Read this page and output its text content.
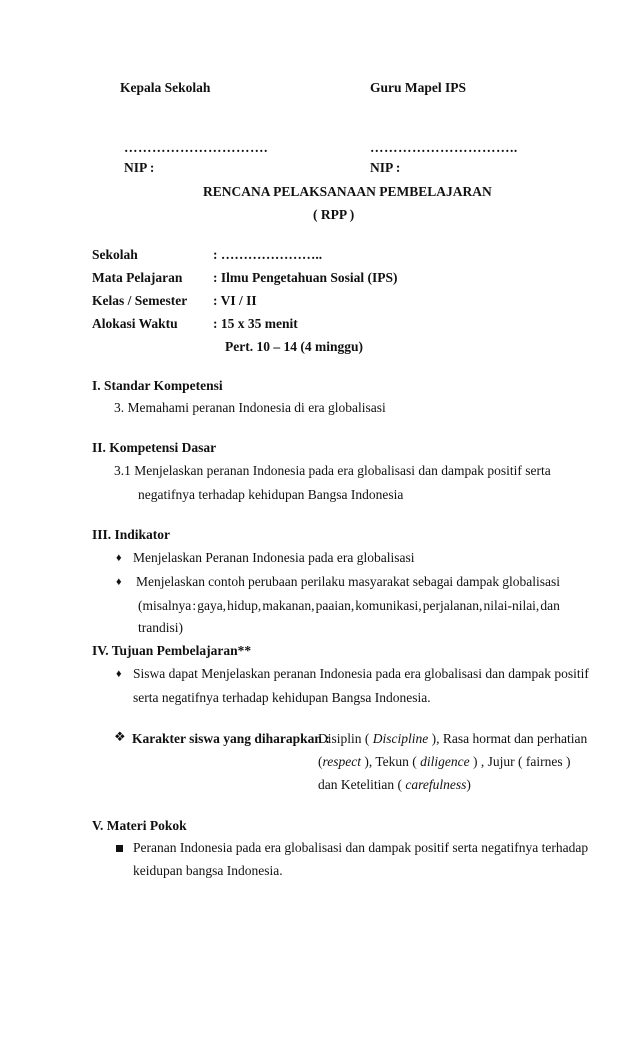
Kepala Sekolah	Guru Mapel IPS
………………………….	…………………………..
NIP :	NIP :
RENCANA PELAKSANAAN PEMBELAJARAN
( RPP )
Sekolah	: …………………..
Mata Pelajaran : Ilmu Pengetahuan Sosial (IPS)
Kelas / Semester : VI / II
Alokasi Waktu	: 15 x 35 menit
Pert. 10 – 14 (4 minggu)
I. Standar Kompetensi
3. Memahami peranan Indonesia di era globalisasi
II. Kompetensi Dasar
3.1 Menjelaskan peranan Indonesia pada era globalisasi dan dampak positif serta
negatifnya terhadap kehidupan Bangsa Indonesia
III. Indikator
♦ Menjelaskan Peranan Indonesia pada era globalisasi
♦ Menjelaskan contoh perubaan perilaku masyarakat sebagai dampak globalisasi
(misalnya : gaya, hidup, makanan, paaian, komunikasi, perjalanan, nilai-nilai, dan
trandisi)
IV. Tujuan Pembelajaran**
♦ Siswa dapat Menjelaskan peranan Indonesia pada era globalisasi dan dampak positif
serta negatifnya terhadap kehidupan Bangsa Indonesia.
❖ Karakter siswa yang diharapkan :
Disiplin ( Discipline ), Rasa hormat dan perhatian
(respect ), Tekun ( diligence ) , Jujur ( fairnes )
dan Ketelitian ( carefulness)
V. Materi Pokok
Peranan Indonesia pada era globalisasi dan dampak positif serta negatifnya terhadap
keidupan bangsa Indonesia.
